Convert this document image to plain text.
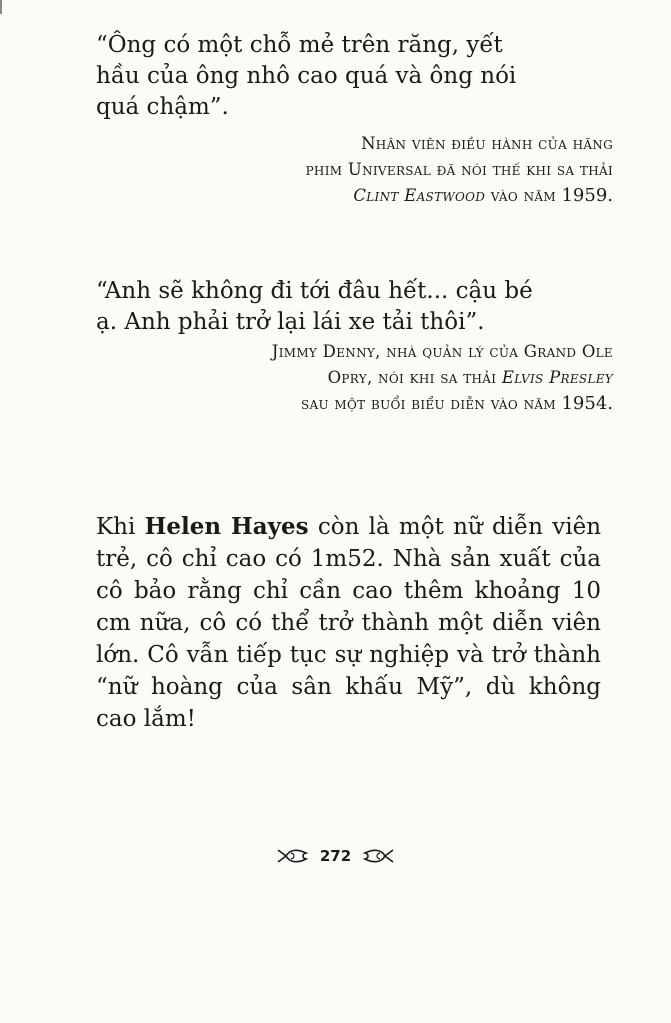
“Ông có một chỗ mẻ trên răng, yết
hầu của ông nhô cao quá và ông nói
quá chậm”.

Nhân viên điều hành của hãng
phim Universal đã nói thế khi sa thải
Clint Eastwood vào năm 1959.

“Anh sẽ không đi tới đâu hết... cậu bé
ạ. Anh phải trở lại lái xe tải thôi”.

Jimmy Denny, nhà quản lý của Grand Ole
Opry, nói khi sa thải Elvis Presley
sau một buổi biểu diễn vào năm 1954.

Khi Helen Hayes còn là một nữ diễn viên trẻ, cô chỉ cao có 1m52. Nhà sản xuất của cô bảo rằng chỉ cần cao thêm khoảng 10 cm nữa, cô có thể trở thành một diễn viên lớn. Cô vẫn tiếp tục sự nghiệp và trở thành “nữ hoàng của sân khấu Mỹ”, dù không cao lắm!

272
